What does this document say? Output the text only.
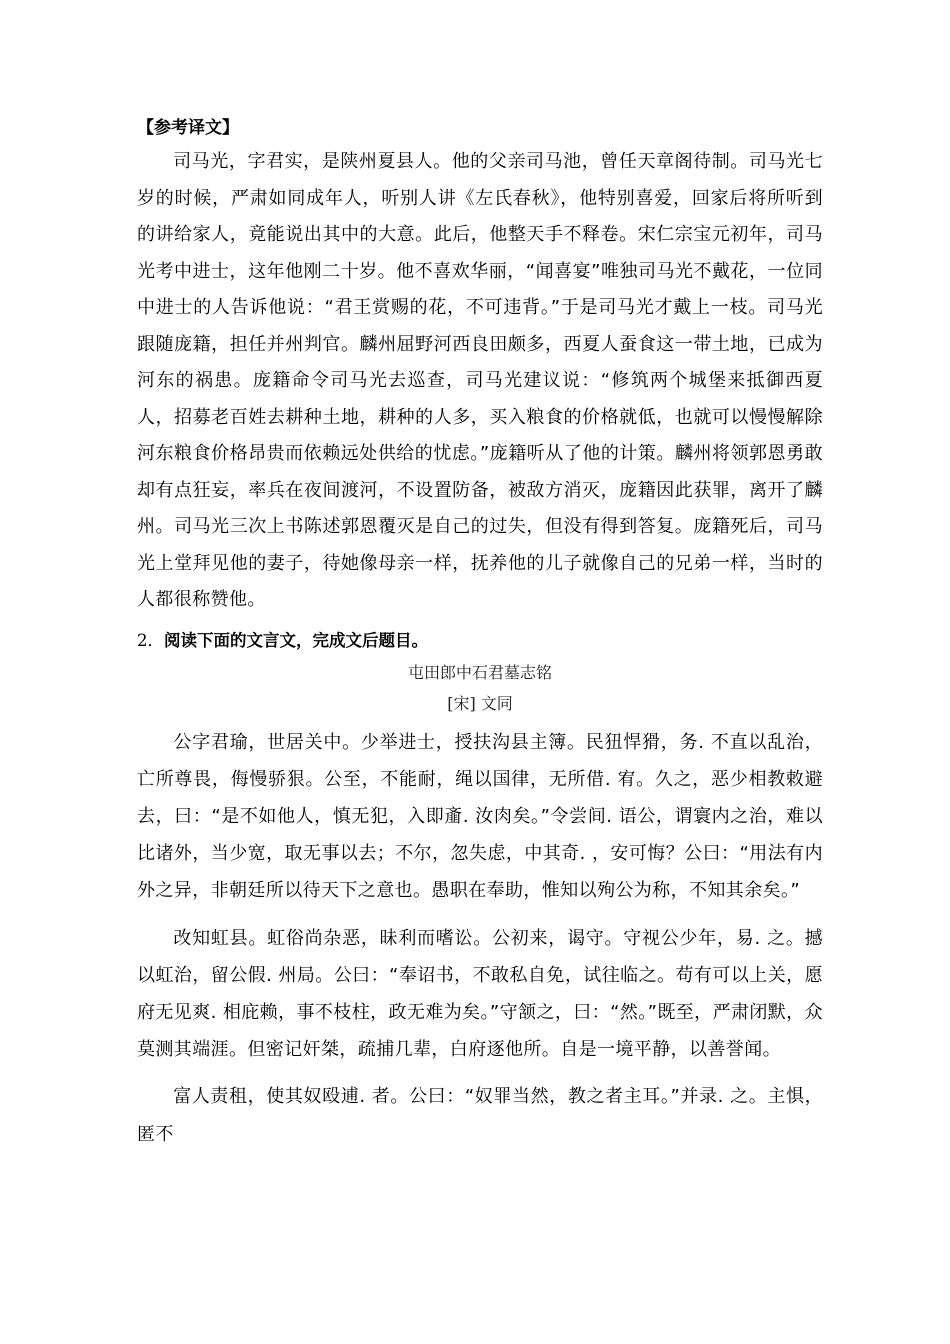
【参考译文】
司马光，字君实，是陕州夏县人。他的父亲司马池，曾任天章阁待制。司马光七岁的时候，严肃如同成年人，听别人讲《左氏春秋》，他特别喜爱，回家后将所听到的讲给家人，竟能说出其中的大意。此后，他整天手不释卷。宋仁宗宝元初年，司马光考中进士，这年他刚二十岁。他不喜欢华丽，“闻喜宴”唯独司马光不戴花，一位同中进士的人告诉他说：“君王赏赐的花，不可违背。”于是司马光才戴上一枝。司马光跟随庞籍，担任并州判官。麟州屈野河西良田颇多，西夏人蚕食这一带土地，已成为河东的祸患。庞籍命令司马光去巡查，司马光建议说：“修筑两个城堡来抵御西夏人，招募老百姓去耕种土地，耕种的人多，买入粮食的价格就低，也就可以慢慢解除河东粮食价格昂贵而依赖远处供给的忧虑。”庞籍听从了他的计策。麟州将领郭恩勇敢却有点狂妄，率兵在夜间渡河，不设置防备，被敌方消灭，庞籍因此获罪，离开了麟州。司马光三次上书陈述郭恩覆灭是自己的过失，但没有得到答复。庞籍死后，司马光上堂拜见他的妻子，待她像母亲一样，抚养他的儿子就像自己的兄弟一样，当时的人都很称赞他。
2．阅读下面的文言文，完成文后题目。
屯田郎中石君墓志铭
[宋] 文同
公字君瑜，世居关中。少举进士，授扶沟县主簿。民狃悍猾，务. 不直以乱治，亡所尊畏，侮慢骄狠。公至，不能耐，绳以国律，无所借. 宥。久之，恶少相教敕避去，曰：“是不如他人，慎无犯，入即齑. 汝肉矣。”令尝间. 语公，谓寰内之治，难以比诸外，当少宽，取无事以去；不尔，忽失虑，中其奇. ，安可悔？公曰：“用法有内外之异，非朝廷所以待天下之意也。愚职在奉助，惟知以殉公为称，不知其余矣。”
改知虹县。虹俗尚杂恶，昧利而嗜讼。公初来，谒守。守视公少年，易. 之。撼以虹治，留公假. 州局。公曰：“奉诏书，不敢私自免，试往临之。苟有可以上关，愿府无见爽. 相庇赖，事不枝柱，政无难为矣。”守颔之，曰：“然。”既至，严肃闭默，众莫测其端涯。但密记奸桀，疏捕几辈，白府逐他所。自是一境平静，以善誉闻。
富人责租，使其奴殴逋. 者。公曰：“奴罪当然，教之者主耳。”并录. 之。主惧，匿不
